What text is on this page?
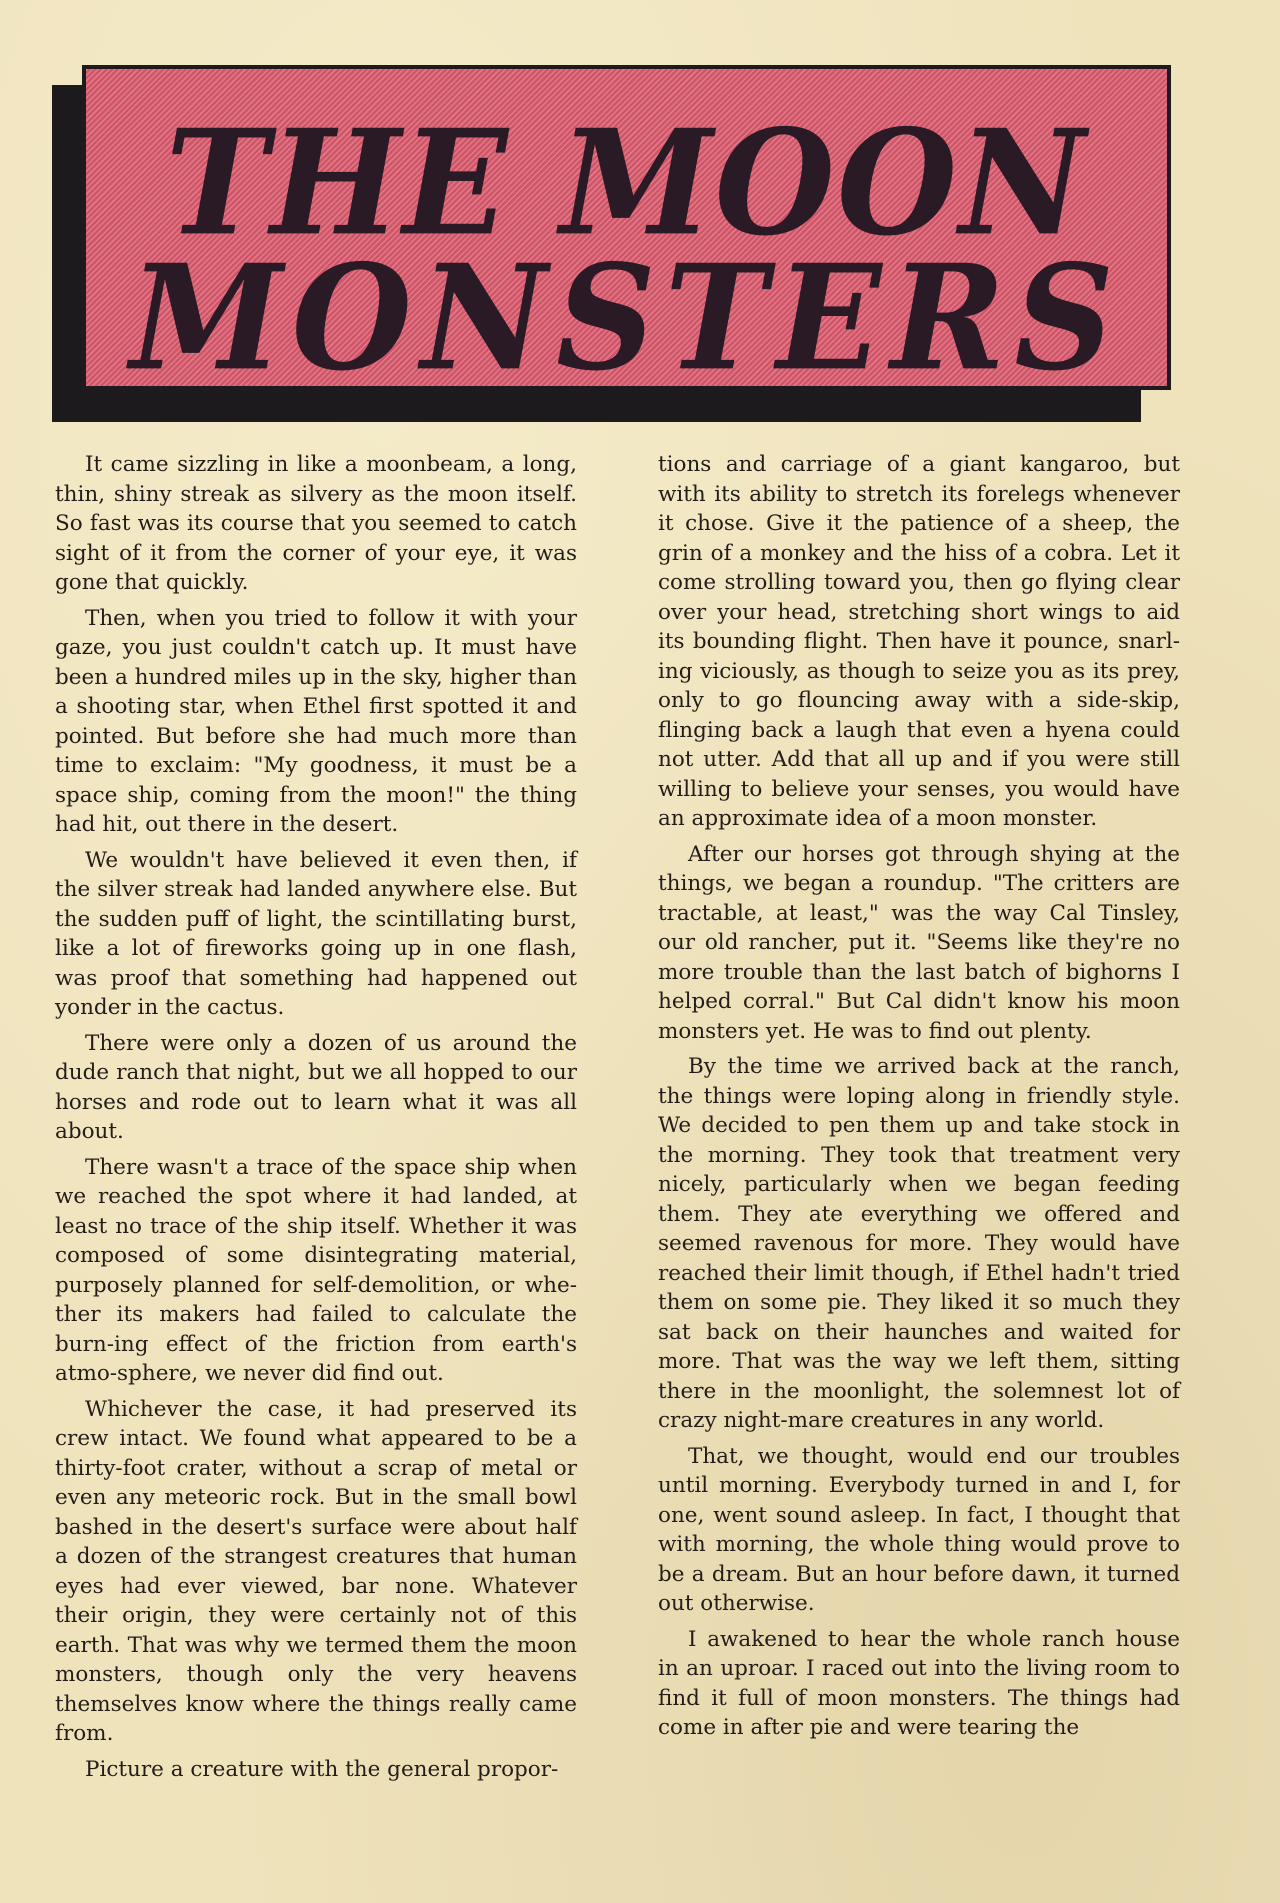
THE MOON
MONSTERS

It came sizzling in like a moonbeam, a long, thin, shiny streak as silvery as the moon itself. So fast was its course that you seemed to catch sight of it from the corner of your eye, it was gone that quickly.

Then, when you tried to follow it with your gaze, you just couldn't catch up. It must have been a hundred miles up in the sky, higher than a shooting star, when Ethel first spotted it and pointed. But before she had much more than time to exclaim: "My goodness, it must be a space ship, coming from the moon!" the thing had hit, out there in the desert.

We wouldn't have believed it even then, if the silver streak had landed anywhere else. But the sudden puff of light, the scintillating burst, like a lot of fireworks going up in one flash, was proof that something had happened out yonder in the cactus.

There were only a dozen of us around the dude ranch that night, but we all hopped to our horses and rode out to learn what it was all about.

There wasn't a trace of the space ship when we reached the spot where it had landed, at least no trace of the ship itself. Whether it was composed of some disintegrating material, purposely planned for self-demolition, or whe-ther its makers had failed to calculate the burn-ing effect of the friction from earth's atmo-sphere, we never did find out.

Whichever the case, it had preserved its crew intact. We found what appeared to be a thirty-foot crater, without a scrap of metal or even any meteoric rock. But in the small bowl bashed in the desert's surface were about half a dozen of the strangest creatures that human eyes had ever viewed, bar none. Whatever their origin, they were certainly not of this earth. That was why we termed them the moon monsters, though only the very heavens themselves know where the things really came from.

Picture a creature with the general propor-

tions and carriage of a giant kangaroo, but with its ability to stretch its forelegs whenever it chose. Give it the patience of a sheep, the grin of a monkey and the hiss of a cobra. Let it come strolling toward you, then go flying clear over your head, stretching short wings to aid its bounding flight. Then have it pounce, snarl-ing viciously, as though to seize you as its prey, only to go flouncing away with a side-skip, flinging back a laugh that even a hyena could not utter. Add that all up and if you were still willing to believe your senses, you would have an approximate idea of a moon monster.

After our horses got through shying at the things, we began a roundup. "The critters are tractable, at least," was the way Cal Tinsley, our old rancher, put it. "Seems like they're no more trouble than the last batch of bighorns I helped corral." But Cal didn't know his moon monsters yet. He was to find out plenty.

By the time we arrived back at the ranch, the things were loping along in friendly style. We decided to pen them up and take stock in the morning. They took that treatment very nicely, particularly when we began feeding them. They ate everything we offered and seemed ravenous for more. They would have reached their limit though, if Ethel hadn't tried them on some pie. They liked it so much they sat back on their haunches and waited for more. That was the way we left them, sitting there in the moonlight, the solemnest lot of crazy night-mare creatures in any world.

That, we thought, would end our troubles until morning. Everybody turned in and I, for one, went sound asleep. In fact, I thought that with morning, the whole thing would prove to be a dream. But an hour before dawn, it turned out otherwise.

I awakened to hear the whole ranch house in an uproar. I raced out into the living room to find it full of moon monsters. The things had come in after pie and were tearing the
